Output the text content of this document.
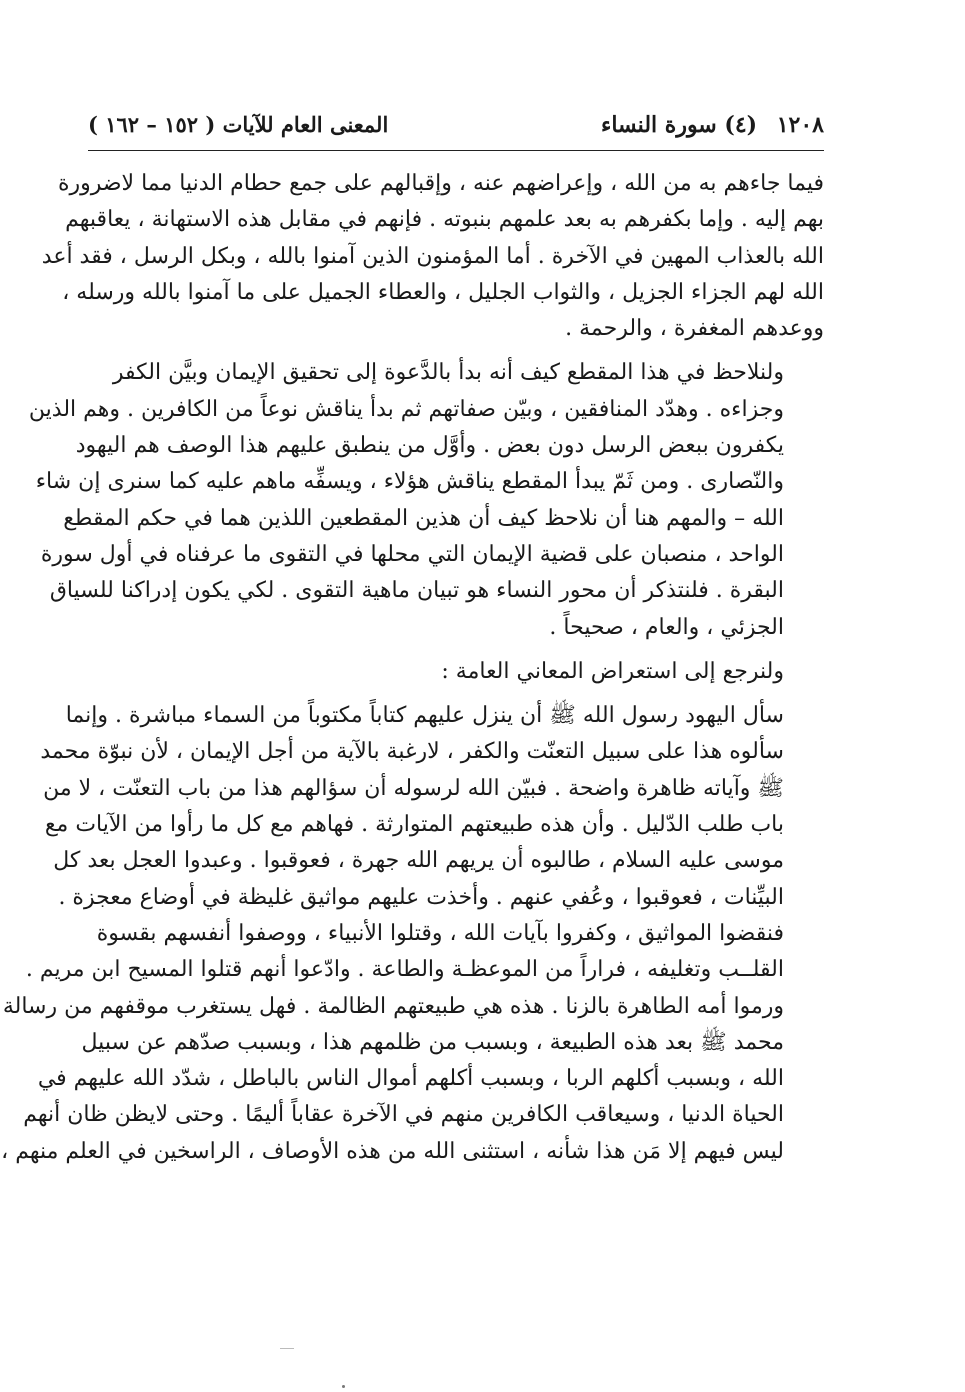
١٢٠٨ (٤) سورة النساء
المعنى العام للآيات ( ١٥٢ – ١٦٢ )

فيما جاءهم به من الله ، وإعراضهم عنه ، وإقبالهم على جمع حطام الدنيا مما لاضرورة
بهم إليه . وإما بكفرهم به بعد علمهم بنبوته . فإنهم في مقابل هذه الاستهانة ، يعاقبهم
الله بالعذاب المهين في الآخرة . أما المؤمنون الذين آمنوا بالله ، وبكل الرسل ، فقد أعد
الله لهم الجزاء الجزيل ، والثواب الجليل ، والعطاء الجميل على ما آمنوا بالله ورسله ،
ووعدهم المغفرة ، والرحمة .

ولنلاحظ في هذا المقطع كيف أنه بدأ بالدَّعوة إلى تحقيق الإيمان وبيَّن الكفر
وجزاءه . وهدّد المنافقين ، وبيّن صفاتهم ثم بدأ يناقش نوعاً من الكافرين . وهم الذين
يكفرون ببعض الرسل دون بعض . وأوَّل من ينطبق عليهم هذا الوصف هم اليهود
والنّصارى . ومن ثَمّ يبدأ المقطع يناقش هؤلاء ، ويسفِّه ماهم عليه كما سنرى إن شاء
الله – والمهم هنا أن نلاحظ كيف أن هذين المقطعين اللذين هما في حكم المقطع
الواحد ، منصبان على قضية الإيمان التي محلها في التقوى ما عرفناه في أول سورة
البقرة . فلنتذكر أن محور النساء هو تبيان ماهية التقوى . لكي يكون إدراكنا للسياق
الجزئي ، والعام ، صحيحاً .

ولنرجع إلى استعراض المعاني العامة :

سأل اليهود رسول الله ﷺ أن ينزل عليهم كتاباً مكتوباً من السماء مباشرة . وإنما
سألوه هذا على سبيل التعنّت والكفر ، لارغبة بالآية من أجل الإيمان ، لأن نبوّة محمد
ﷺ وآياته ظاهرة واضحة . فبيّن الله لرسوله أن سؤالهم هذا من باب التعنّت ، لا من
باب طلب الدّليل . وأن هذه طبيعتهم المتوارثة . فهاهم مع كل ما رأوا من الآيات مع
موسى عليه السلام ، طالبوه أن يريهم الله جهرة ، فعوقبوا . وعبدوا العجل بعد كل
البيِّنات ، فعوقبوا ، وعُفي عنهم . وأخذت عليهم مواثيق غليظة في أوضاع معجزة .
فنقضوا المواثيق ، وكفروا بآيات الله ، وقتلوا الأنبياء ، ووصفوا أنفسهم بقسوة
القلــب وتغليفه ، فراراً من الموعظـة والطاعة . وادّعوا أنهم قتلوا المسيح ابن مريم .
ورموا أمه الطاهرة بالزنا . هذه هي طبيعتهم الظالمة . فهل يستغرب موقفهم من رسالة
محمد ﷺ بعد هذه الطبيعة ، وبسبب من ظلمهم هذا ، وبسبب صدّهم عن سبيل
الله ، وبسبب أكلهم الربا ، وبسبب أكلهم أموال الناس بالباطل ، شدّد الله عليهم في
الحياة الدنيا ، وسيعاقب الكافرين منهم في الآخرة عقاباً أليمًا . وحتى لايظن ظان أنهم
ليس فيهم إلا مَن هذا شأنه ، استثنى الله من هذه الأوصاف ، الراسخين في العلم منهم ،
